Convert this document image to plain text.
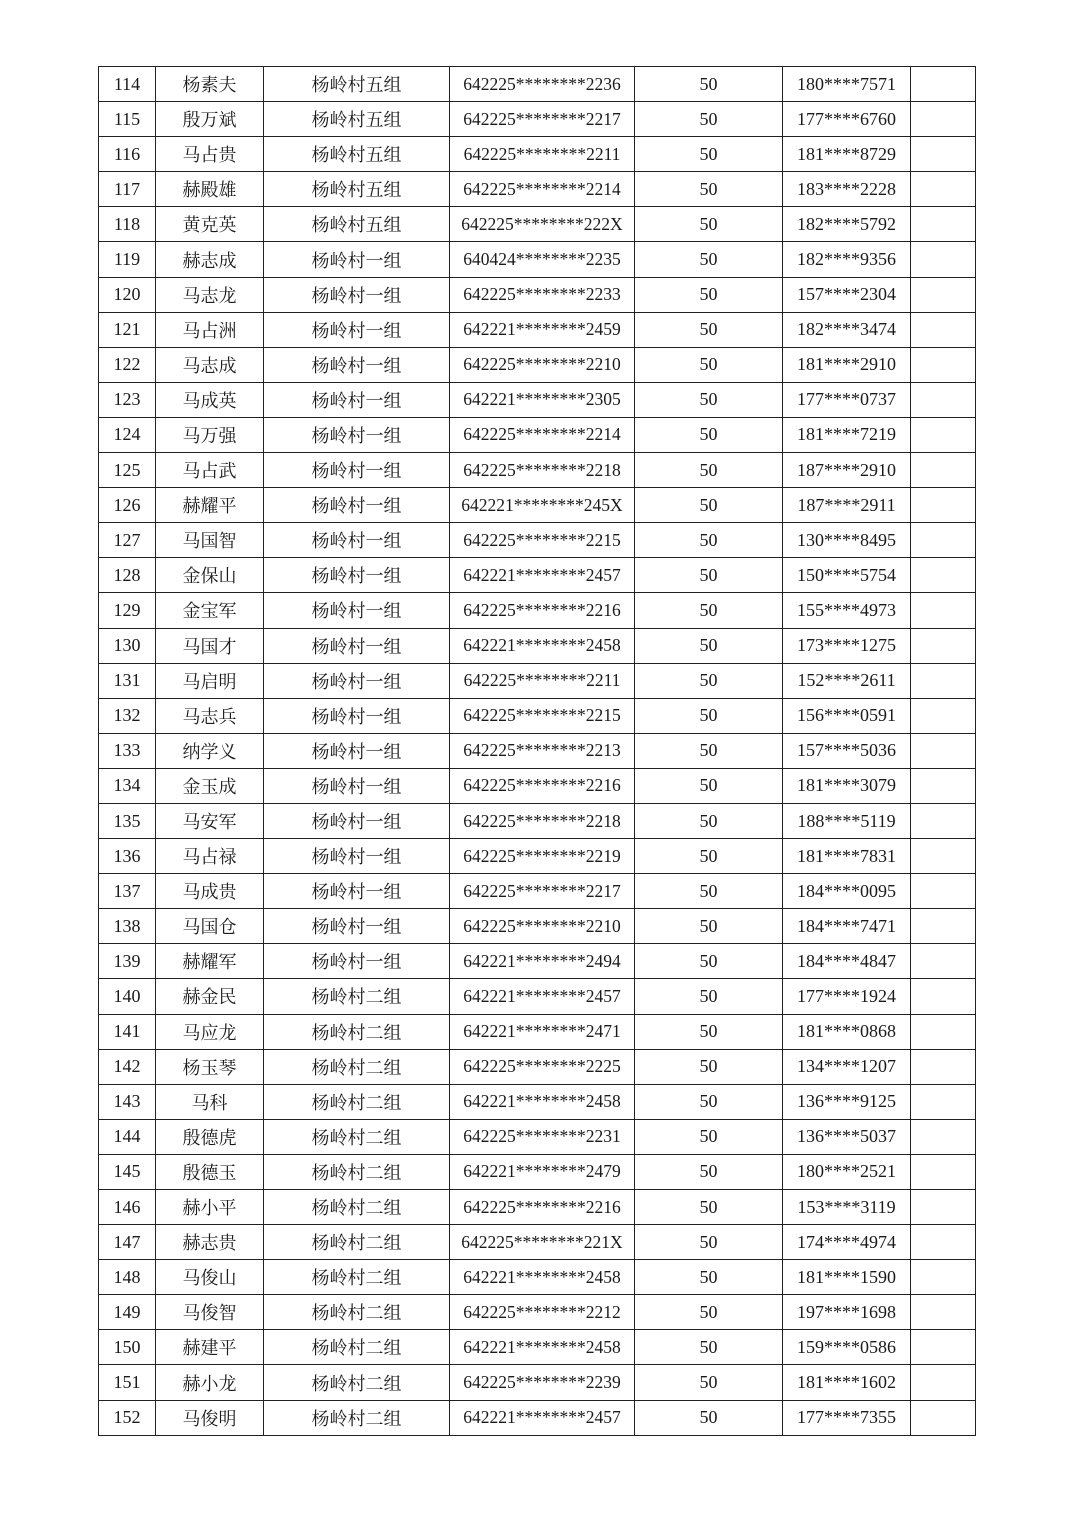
114	杨素夫	杨岭村五组	642225********2236	50	180****7571	
115	殷万斌	杨岭村五组	642225********2217	50	177****6760	
116	马占贵	杨岭村五组	642225********2211	50	181****8729	
117	赫殿雄	杨岭村五组	642225********2214	50	183****2228	
118	黄克英	杨岭村五组	642225********222X	50	182****5792	
119	赫志成	杨岭村一组	640424********2235	50	182****9356	
120	马志龙	杨岭村一组	642225********2233	50	157****2304	
121	马占洲	杨岭村一组	642221********2459	50	182****3474	
122	马志成	杨岭村一组	642225********2210	50	181****2910	
123	马成英	杨岭村一组	642221********2305	50	177****0737	
124	马万强	杨岭村一组	642225********2214	50	181****7219	
125	马占武	杨岭村一组	642225********2218	50	187****2910	
126	赫耀平	杨岭村一组	642221********245X	50	187****2911	
127	马国智	杨岭村一组	642225********2215	50	130****8495	
128	金保山	杨岭村一组	642221********2457	50	150****5754	
129	金宝军	杨岭村一组	642225********2216	50	155****4973	
130	马国才	杨岭村一组	642221********2458	50	173****1275	
131	马启明	杨岭村一组	642225********2211	50	152****2611	
132	马志兵	杨岭村一组	642225********2215	50	156****0591	
133	纳学义	杨岭村一组	642225********2213	50	157****5036	
134	金玉成	杨岭村一组	642225********2216	50	181****3079	
135	马安军	杨岭村一组	642225********2218	50	188****5119	
136	马占禄	杨岭村一组	642225********2219	50	181****7831	
137	马成贵	杨岭村一组	642225********2217	50	184****0095	
138	马国仓	杨岭村一组	642225********2210	50	184****7471	
139	赫耀军	杨岭村一组	642221********2494	50	184****4847	
140	赫金民	杨岭村二组	642221********2457	50	177****1924	
141	马应龙	杨岭村二组	642221********2471	50	181****0868	
142	杨玉琴	杨岭村二组	642225********2225	50	134****1207	
143	马科	杨岭村二组	642221********2458	50	136****9125	
144	殷德虎	杨岭村二组	642225********2231	50	136****5037	
145	殷德玉	杨岭村二组	642221********2479	50	180****2521	
146	赫小平	杨岭村二组	642225********2216	50	153****3119	
147	赫志贵	杨岭村二组	642225********221X	50	174****4974	
148	马俊山	杨岭村二组	642221********2458	50	181****1590	
149	马俊智	杨岭村二组	642225********2212	50	197****1698	
150	赫建平	杨岭村二组	642221********2458	50	159****0586	
151	赫小龙	杨岭村二组	642225********2239	50	181****1602	
152	马俊明	杨岭村二组	642221********2457	50	177****7355	
